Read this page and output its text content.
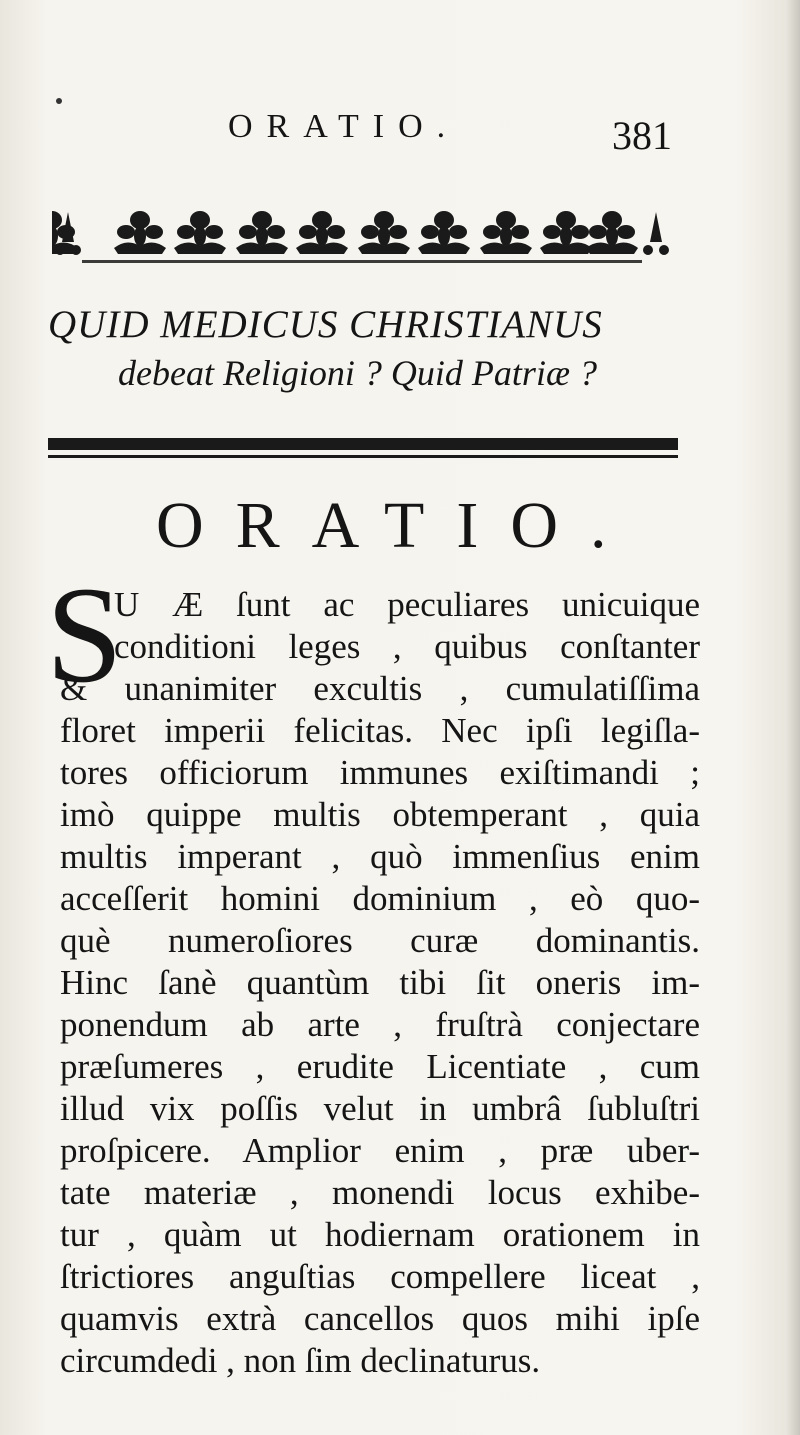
ORATIO.	381
QUID MEDICUS CHRISTIANUS
debeat Religioni ? Quid Patriæ ?
ORATIO.
S
U Æ ſunt ac peculiares unicuique
conditioni leges , quibus conſtanter
& unanimiter excultis , cumulatiſſima
floret imperii felicitas. Nec ipſi legiſla-
tores officiorum immunes exiſtimandi ;
imò quippe multis obtemperant , quia
multis imperant , quò immenſius enim
acceſſerit homini dominium , eò quo-
què numeroſiores curæ dominantis.
Hinc ſanè quantùm tibi ſit oneris im-
ponendum ab arte , fruſtrà conjectare
præſumeres , erudite Licentiate , cum
illud vix poſſis velut in umbrâ ſubluſtri
proſpicere. Amplior enim , præ uber-
tate materiæ , monendi locus exhibe-
tur , quàm ut hodiernam orationem in
ſtrictiores anguſtias compellere liceat ,
quamvis extrà cancellos quos mihi ipſe
circumdedi , non ſim declinaturus.
